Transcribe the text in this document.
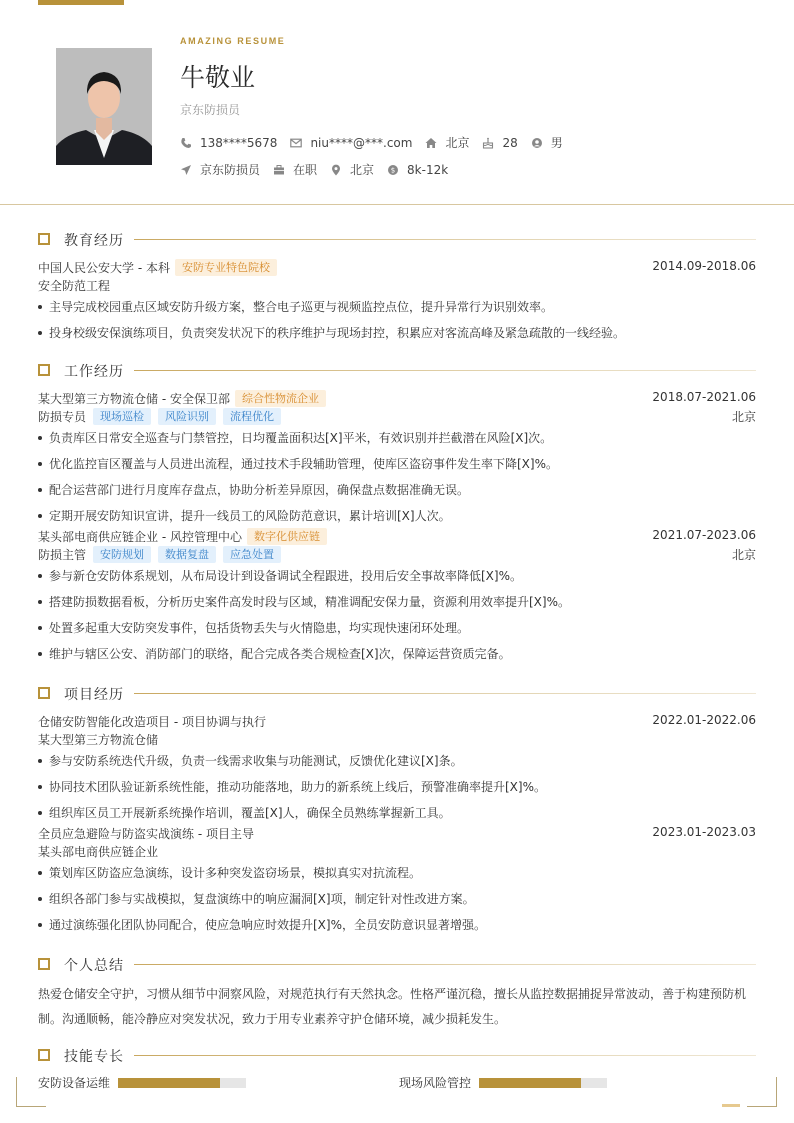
AMAZING RESUME
牛敬业
京东防损员
138****5678	niu****@***.com	北京	28	男
京东防损员	在职	北京 $ 8k-12k
教育经历
中国人民公安大学 - 本科	安防专业特色院校	2014.09-2018.06
安全防范工程
主导完成校园重点区域安防升级方案，整合电子巡更与视频监控点位，提升异常行为识别效率。
投身校级安保演练项目，负责突发状况下的秩序维护与现场封控，积累应对客流高峰及紧急疏散的一线经验。
工作经历
某大型第三方物流仓储 - 安全保卫部	综合性物流企业	2018.07-2021.06
防损专员	现场巡检	风险识别	流程优化	北京
负责库区日常安全巡查与门禁管控，日均覆盖面积达[X]平米，有效识别并拦截潜在风险[X]次。
优化监控盲区覆盖与人员进出流程，通过技术手段辅助管理，使库区盗窃事件发生率下降[X]%。
配合运营部门进行月度库存盘点，协助分析差异原因，确保盘点数据准确无误。
定期开展安防知识宣讲，提升一线员工的风险防范意识，累计培训[X]人次。
某头部电商供应链企业 - 风控管理中心	数字化供应链	2021.07-2023.06
防损主管	安防规划	数据复盘	应急处置	北京
参与新仓安防体系规划，从布局设计到设备调试全程跟进，投用后安全事故率降低[X]%。
搭建防损数据看板，分析历史案件高发时段与区域，精准调配安保力量，资源利用效率提升[X]%。
处置多起重大安防突发事件，包括货物丢失与火情隐患，均实现快速闭环处理。
维护与辖区公安、消防部门的联络，配合完成各类合规检查[X]次，保障运营资质完备。
项目经历
仓储安防智能化改造项目 - 项目协调与执行	2022.01-2022.06
某大型第三方物流仓储
参与安防系统迭代升级，负责一线需求收集与功能测试，反馈优化建议[X]条。
协同技术团队验证新系统性能，推动功能落地，助力的新系统上线后，预警准确率提升[X]%。
组织库区员工开展新系统操作培训，覆盖[X]人，确保全员熟练掌握新工具。
全员应急避险与防盗实战演练 - 项目主导	2023.01-2023.03
某头部电商供应链企业
策划库区防盗应急演练，设计多种突发盗窃场景，模拟真实对抗流程。
组织各部门参与实战模拟，复盘演练中的响应漏洞[X]项，制定针对性改进方案。
通过演练强化团队协同配合，使应急响应时效提升[X]%，全员安防意识显著增强。
个人总结
热爱仓储安全守护，习惯从细节中洞察风险，对规范执行有天然执念。性格严谨沉稳，擅长从监控数据捕捉异常波动，善于构建预防机制。沟通顺畅，能冷静应对突发状况，致力于用专业素养守护仓储环境，减少损耗发生。
技能专长
安防设备运维	现场风险管控
